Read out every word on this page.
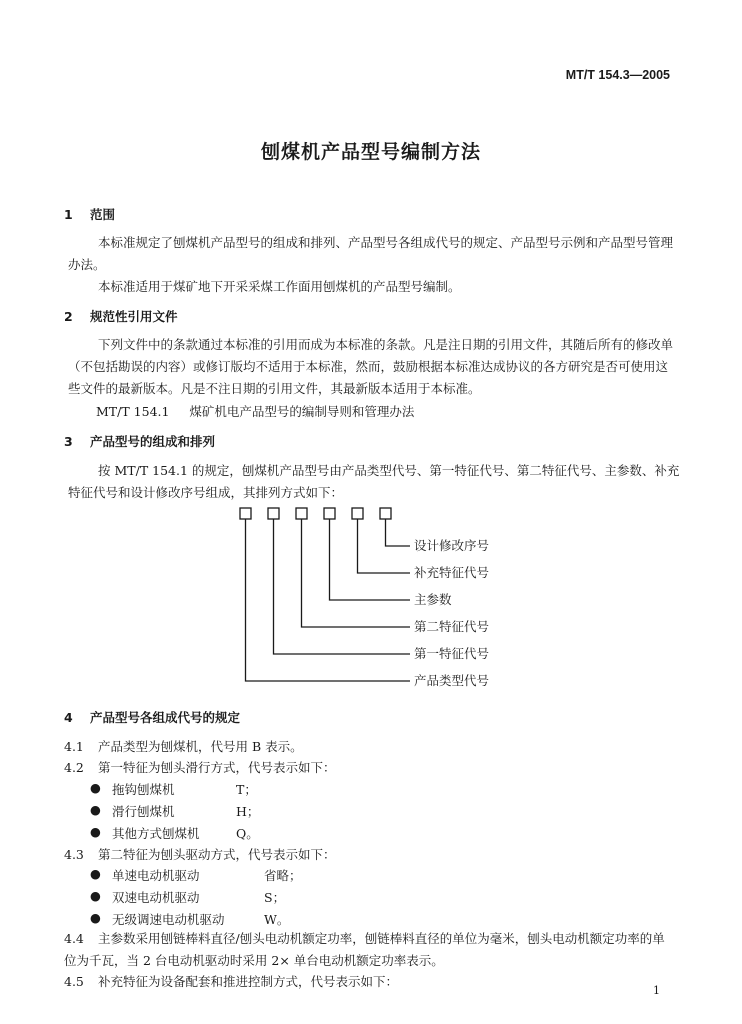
MT/T 154.3—2005
刨煤机产品型号编制方法
1 范围
本标准规定了刨煤机产品型号的组成和排列、产品型号各组成代号的规定、产品型号示例和产品型号管理办法。
本标准适用于煤矿地下开采采煤工作面用刨煤机的产品型号编制。
2 规范性引用文件
下列文件中的条款通过本标准的引用而成为本标准的条款。凡是注日期的引用文件，其随后所有的修改单（不包括勘误的内容）或修订版均不适用于本标准，然而，鼓励根据本标准达成协议的各方研究是否可使用这些文件的最新版本。凡是不注日期的引用文件，其最新版本适用于本标准。
MT/T 154.1 煤矿机电产品型号的编制导则和管理办法
3 产品型号的组成和排列
按 MT/T 154.1 的规定，刨煤机产品型号由产品类型代号、第一特征代号、第二特征代号、主参数、补充特征代号和设计修改序号组成，其排列方式如下：
设计修改序号
补充特征代号
主参数
第二特征代号
第一特征代号
产品类型代号
4 产品型号各组成代号的规定
4.1 产品类型为刨煤机，代号用 B 表示。
4.2 第一特征为刨头滑行方式，代号表示如下：
● 拖钩刨煤机	T；
● 滑行刨煤机	H；
● 其他方式刨煤机	Q。
4.3 第二特征为刨头驱动方式，代号表示如下：
● 单速电动机驱动	省略；
● 双速电动机驱动	S；
● 无级调速电动机驱动	W。
4.4 主参数采用刨链棒料直径/刨头电动机额定功率，刨链棒料直径的单位为毫米，刨头电动机额定功率的单位为千瓦，当 2 台电动机驱动时采用 2× 单台电动机额定功率表示。
4.5 补充特征为设备配套和推进控制方式，代号表示如下：
1
